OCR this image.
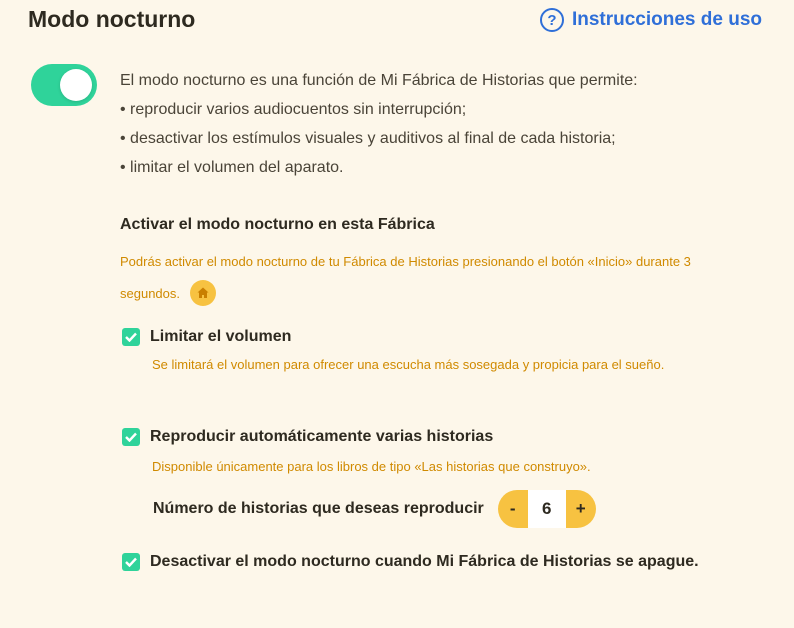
Modo nocturno	? Instrucciones de uso
El modo nocturno es una función de Mi Fábrica de Historias que permite:
• reproducir varios audiocuentos sin interrupción;
• desactivar los estímulos visuales y auditivos al final de cada historia;
• limitar el volumen del aparato.
Activar el modo nocturno en esta Fábrica
Podrás activar el modo nocturno de tu Fábrica de Historias presionando el botón «Inicio» durante 3 segundos.
Limitar el volumen
Se limitará el volumen para ofrecer una escucha más sosegada y propicia para el sueño.
Reproducir automáticamente varias historias
Disponible únicamente para los libros de tipo «Las historias que construyo».
Número de historias que deseas reproducir	-	6	+
Desactivar el modo nocturno cuando Mi Fábrica de Historias se apague.
